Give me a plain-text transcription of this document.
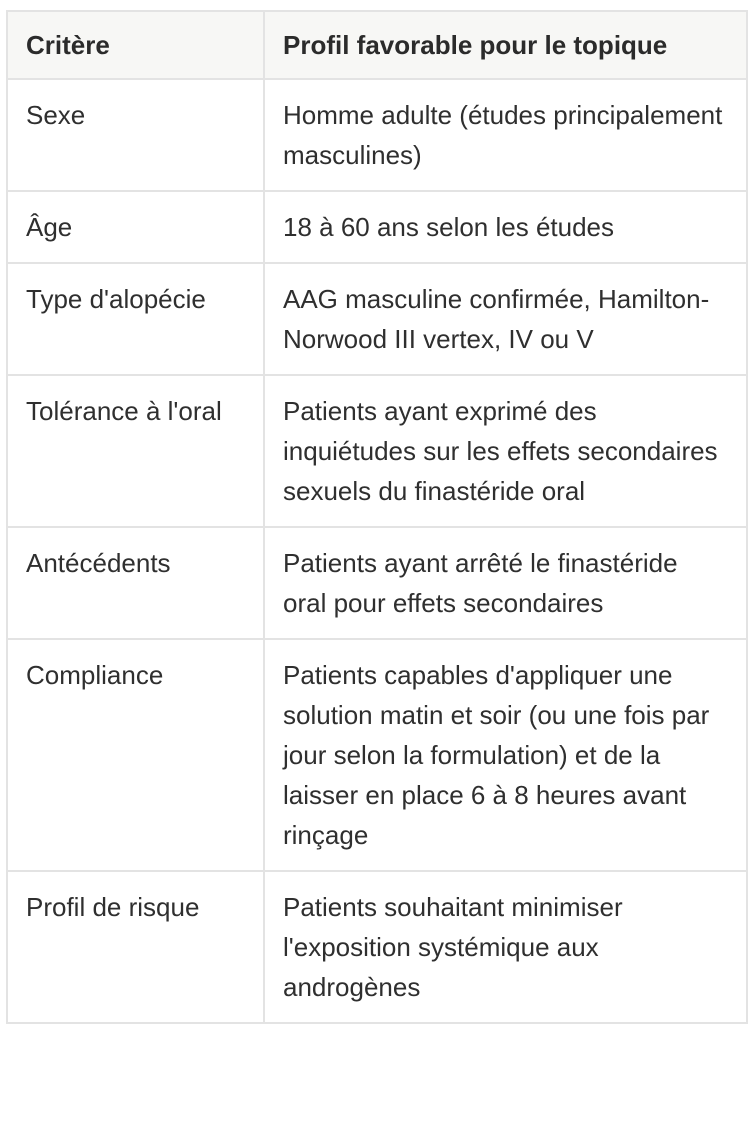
Critère	Profil favorable pour le topique
Sexe	Homme adulte (études principalement masculines)
Âge	18 à 60 ans selon les études
Type d'alopécie	AAG masculine confirmée, Hamilton-Norwood III vertex, IV ou V
Tolérance à l'oral	Patients ayant exprimé des inquiétudes sur les effets secondaires sexuels du finastéride oral
Antécédents	Patients ayant arrêté le finastéride oral pour effets secondaires
Compliance	Patients capables d'appliquer une solution matin et soir (ou une fois par jour selon la formulation) et de la laisser en place 6 à 8 heures avant rinçage
Profil de risque	Patients souhaitant minimiser l'exposition systémique aux androgènes
